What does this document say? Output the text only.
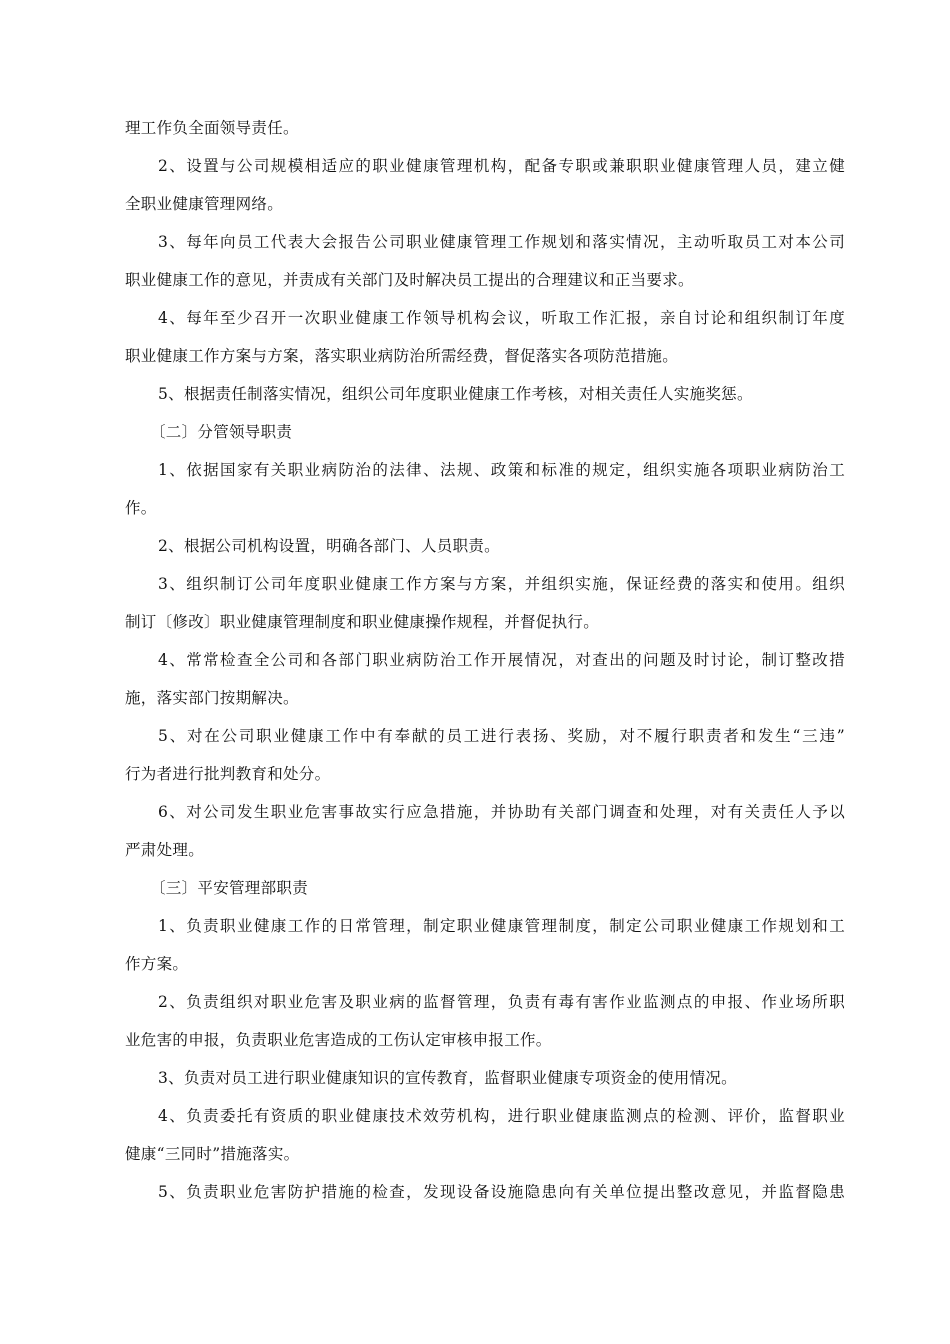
理工作负全面领导责任。
2、设置与公司规模相适应的职业健康管理机构，配备专职或兼职职业健康管理人员，建立健
全职业健康管理网络。
3、每年向员工代表大会报告公司职业健康管理工作规划和落实情况，主动听取员工对本公司
职业健康工作的意见，并责成有关部门及时解决员工提出的合理建议和正当要求。
4、每年至少召开一次职业健康工作领导机构会议，听取工作汇报，亲自讨论和组织制订年度
职业健康工作方案与方案，落实职业病防治所需经费，督促落实各项防范措施。
5、根据责任制落实情况，组织公司年度职业健康工作考核，对相关责任人实施奖惩。
〔二〕分管领导职责
1、依据国家有关职业病防治的法律、法规、政策和标准的规定，组织实施各项职业病防治工
作。
2、根据公司机构设置，明确各部门、人员职责。
3、组织制订公司年度职业健康工作方案与方案，并组织实施，保证经费的落实和使用。组织
制订〔修改〕职业健康管理制度和职业健康操作规程，并督促执行。
4、常常检查全公司和各部门职业病防治工作开展情况，对查出的问题及时讨论，制订整改措
施，落实部门按期解决。
5、对在公司职业健康工作中有奉献的员工进行表扬、奖励，对不履行职责者和发生“三违”
行为者进行批判教育和处分。
6、对公司发生职业危害事故实行应急措施，并协助有关部门调查和处理，对有关责任人予以
严肃处理。
〔三〕平安管理部职责
1、负责职业健康工作的日常管理，制定职业健康管理制度，制定公司职业健康工作规划和工
作方案。
2、负责组织对职业危害及职业病的监督管理，负责有毒有害作业监测点的申报、作业场所职
业危害的申报，负责职业危害造成的工伤认定审核申报工作。
3、负责对员工进行职业健康知识的宣传教育，监督职业健康专项资金的使用情况。
4、负责委托有资质的职业健康技术效劳机构，进行职业健康监测点的检测、评价，监督职业
健康“三同时”措施落实。
5、负责职业危害防护措施的检查，发现设备设施隐患向有关单位提出整改意见，并监督隐患
